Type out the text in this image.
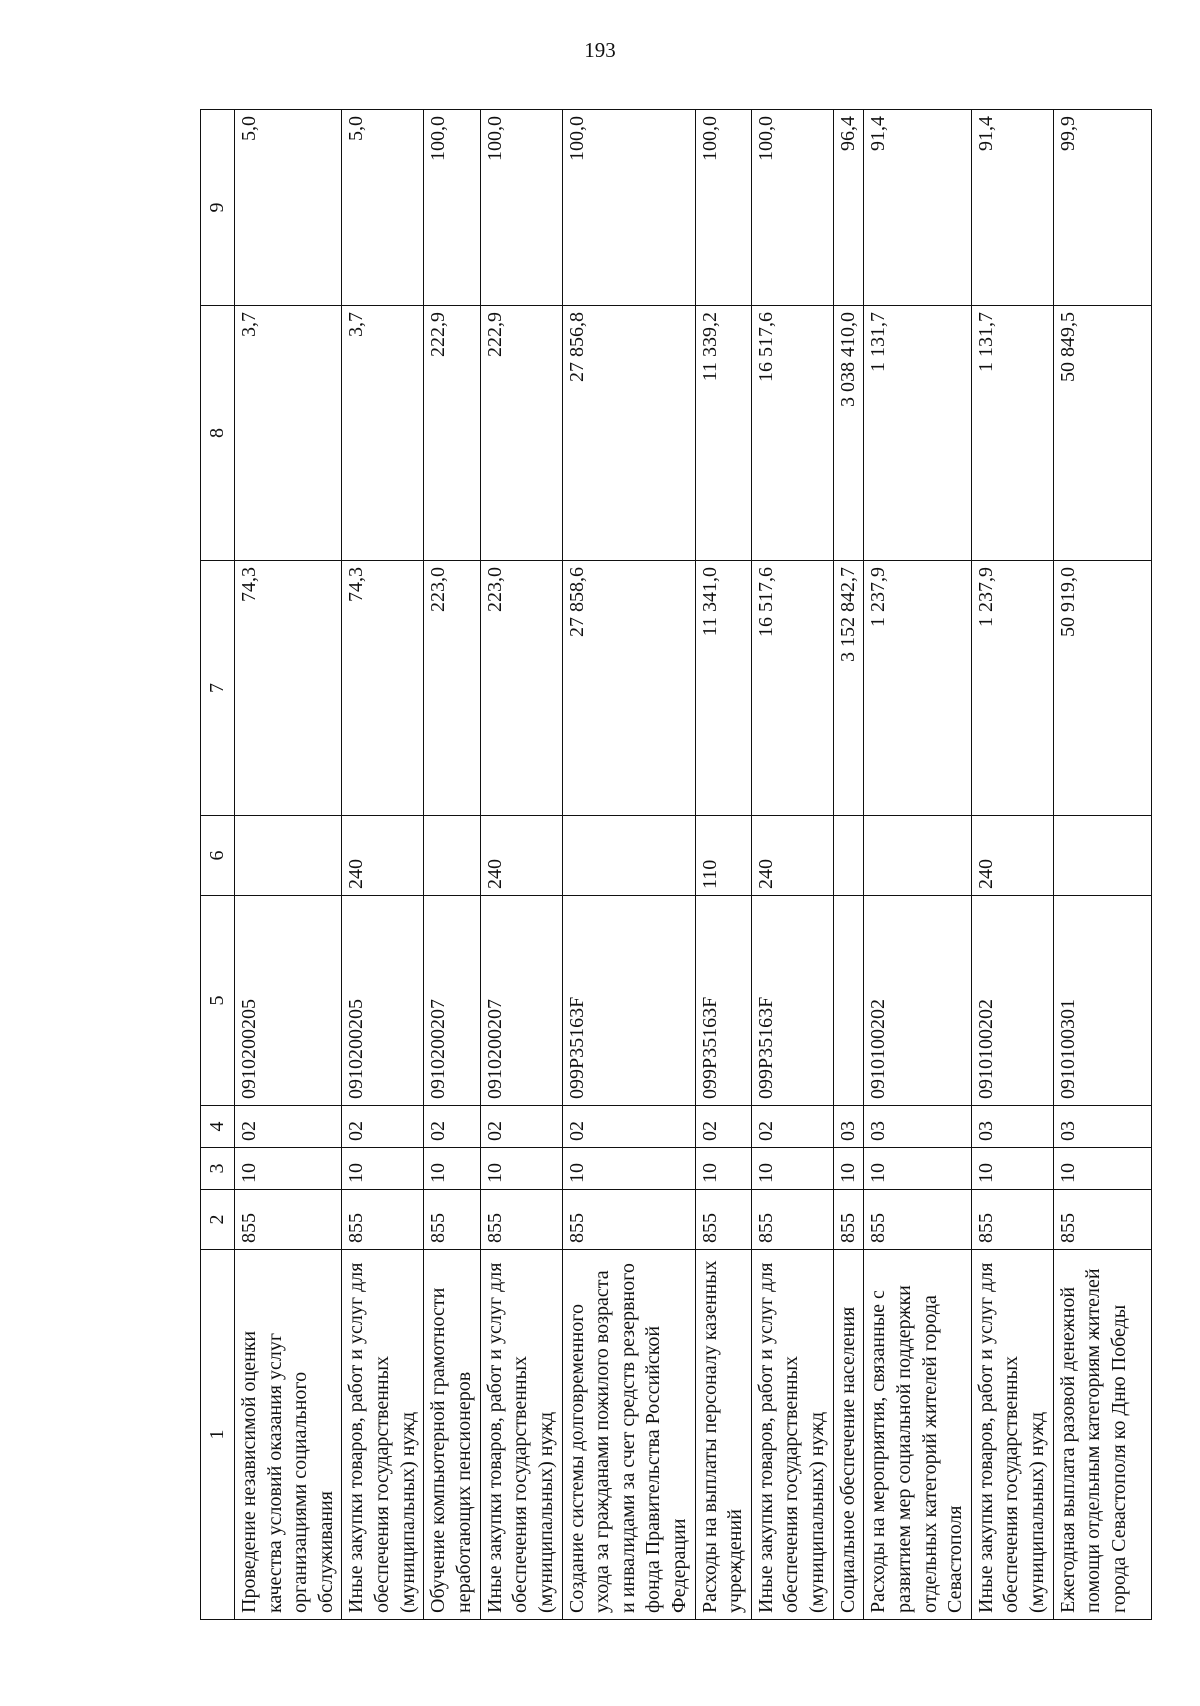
193
1	2	3	4	5	6	7	8	9
Проведение независимой оценки качества условий оказания услуг организациями социального обслуживания	855	10	02	0910200205		74,3	3,7	5,0
Иные закупки товаров, работ и услуг для обеспечения государственных (муниципальных) нужд	855	10	02	0910200205	240	74,3	3,7	5,0
Обучение компьютерной грамотности неработающих пенсионеров	855	10	02	0910200207		223,0	222,9	100,0
Иные закупки товаров, работ и услуг для обеспечения государственных (муниципальных) нужд	855	10	02	0910200207	240	223,0	222,9	100,0
Создание системы долговременного ухода за гражданами пожилого возраста и инвалидами за счет средств резервного фонда Правительства Российской Федерации	855	10	02	099P35163F		27 858,6	27 856,8	100,0
Расходы на выплаты персоналу казенных учреждений	855	10	02	099P35163F	110	11 341,0	11 339,2	100,0
Иные закупки товаров, работ и услуг для обеспечения государственных (муниципальных) нужд	855	10	02	099P35163F	240	16 517,6	16 517,6	100,0
Социальное обеспечение населения	855	10	03			3 152 842,7	3 038 410,0	96,4
Расходы на мероприятия, связанные с развитием мер социальной поддержки отдельных категорий жителей города Севастополя	855	10	03	0910100202		1 237,9	1 131,7	91,4
Иные закупки товаров, работ и услуг для обеспечения государственных (муниципальных) нужд	855	10	03	0910100202	240	1 237,9	1 131,7	91,4
Ежегодная выплата разовой денежной помощи отдельным категориям жителей города Севастополя ко Дню Победы	855	10	03	0910100301		50 919,0	50 849,5	99,9
